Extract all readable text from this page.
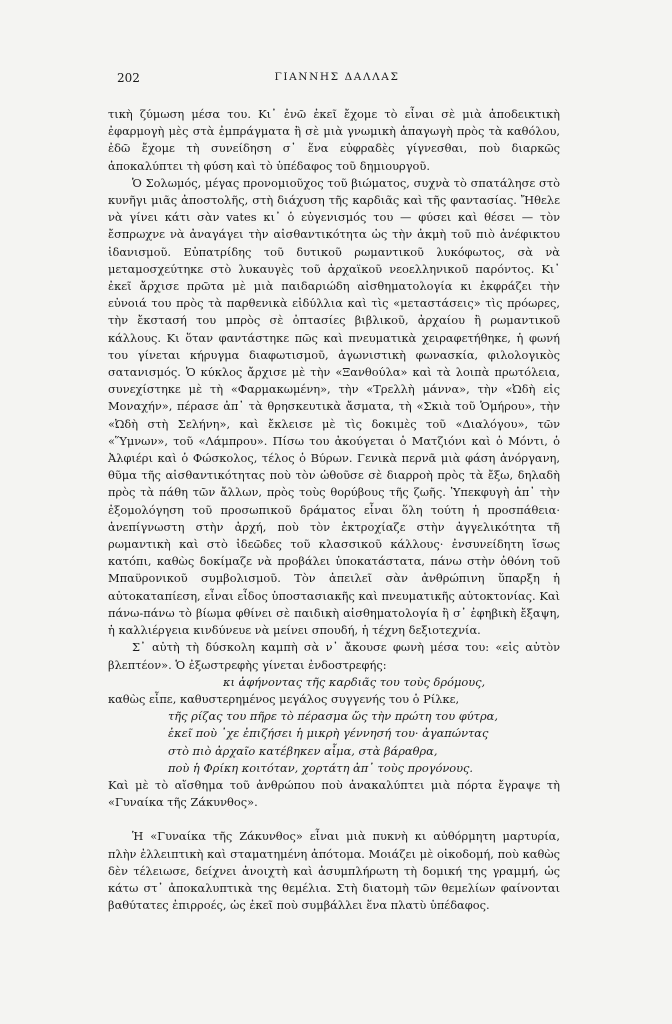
202	ΓΙΑΝΝΗΣ ΔΑΛΛΑΣ

τικὴ ζύμωση μέσα του. Κι᾽ ἐνῶ ἐκεῖ ἔχομε τὸ εἶναι σὲ μιὰ ἀποδεικτικὴ ἐφαρμογὴ μὲς στὰ ἐμπράγματα ἢ σὲ μιὰ γνωμικὴ ἀπαγωγὴ πρὸς τὰ καθόλου, ἐδῶ ἔχομε τὴ συνείδηση σ᾽ ἕνα εὐφραδὲς γίγνεσθαι, ποὺ διαρκῶς ἀποκαλύπτει τὴ φύση καὶ τὸ ὑπέδαφος τοῦ δημιουργοῦ.

Ὁ Σολωμός, μέγας προνομιοῦχος τοῦ βιώματος, συχνὰ τὸ σπατάλησε στὸ κυνῆγι μιᾶς ἀποστολῆς, στὴ διάχυση τῆς καρδιᾶς καὶ τῆς φαντασίας. Ἤθελε νὰ γίνει κάτι σὰν vates κι᾽ ὁ εὐγενισμός του — φύσει καὶ θέσει — τὸν ἔσπρωχνε νὰ ἀναγάγει τὴν αἰσθαντικότητα ὡς τὴν ἀκμὴ τοῦ πιὸ ἀνέφικτου ἰδανισμοῦ. Εὐπατρίδης τοῦ δυτικοῦ ρωμαντικοῦ λυκόφωτος, σὰ νὰ μεταμοσχεύτηκε στὸ λυκαυγὲς τοῦ ἀρχαϊκοῦ νεοελληνικοῦ παρόντος. Κι᾽ ἐκεῖ ἄρχισε πρῶτα μὲ μιὰ παιδαριώδη αἰσθηματολογία κι ἐκφράζει τὴν εὐνοιά του πρὸς τὰ παρθενικὰ εἰδύλλια καὶ τὶς «μεταστάσεις» τὶς πρόωρες, τὴν ἔκστασή του μπρὸς σὲ ὀπτασίες βιβλικοῦ, ἀρχαίου ἢ ρωμαντικοῦ κάλλους. Κι ὅταν φαντάστηκε πῶς καὶ πνευματικὰ χειραφετήθηκε, ἡ φωνή του γίνεται κήρυγμα διαφωτισμοῦ, ἀγωνιστικὴ φωνασκία, φιλολογικὸς σατανισμός. Ὁ κύκλος ἄρχισε μὲ τὴν «Ξανθούλα» καὶ τὰ λοιπὰ πρωτόλεια, συνεχίστηκε μὲ τὴ «Φαρμακωμένη», τὴν «Τρελλὴ μάννα», τὴν «Ὠδὴ εἰς Μοναχήν», πέρασε ἀπ᾽ τὰ θρησκευτικὰ ἄσματα, τὴ «Σκιὰ τοῦ Ὁμήρου», τὴν «Ὠδὴ στὴ Σελήνη», καὶ ἔκλεισε μὲ τὶς δοκιμὲς τοῦ «Διαλόγου», τῶν «Ὕμνων», τοῦ «Λάμπρου». Πίσω του ἀκούγεται ὁ Ματζιόνι καὶ ὁ Μόντι, ὁ Ἀλφιέρι καὶ ὁ Φώσκολος, τέλος ὁ Βύρων. Γενικὰ περνᾶ μιὰ φάση ἀνόργανη, θῦμα τῆς αἰσθαντικότητας ποὺ τὸν ὡθοῦσε σὲ διαρροὴ πρὸς τὰ ἔξω, δηλαδὴ πρὸς τὰ πάθη τῶν ἄλλων, πρὸς τοὺς θορύβους τῆς ζωῆς. Ὑπεκφυγὴ ἀπ᾽ τὴν ἐξομολόγηση τοῦ προσωπικοῦ δράματος εἶναι ὅλη τούτη ἡ προσπάθεια· ἀνεπίγνωστη στὴν ἀρχή, ποὺ τὸν ἐκτροχίαζε στὴν ἀγγελικότητα τῆ ρωμαντικὴ καὶ στὸ ἰδεῶδες τοῦ κλασσικοῦ κάλλους· ἐνσυνείδητη ἴσως κατόπι, καθὼς δοκίμαζε νὰ προβάλει ὑποκατάστατα, πάνω στὴν ὀθόνη τοῦ Μπαϋρονικοῦ συμβολισμοῦ. Τὸν ἀπειλεῖ σὰν ἀνθρώπινη ὕπαρξη ἡ αὐτοκαταπίεση, εἶναι εἶδος ὑποστασιακῆς καὶ πνευματικῆς αὐτοκτονίας. Καὶ πάνω-πάνω τὸ βίωμα φθίνει σὲ παιδικὴ αἰσθηματολογία ἢ σ᾽ ἐφηβικὴ ἔξαψη, ἡ καλλιέργεια κινδύνευε νὰ μείνει σπουδή, ἡ τέχνη δεξιοτεχνία.

Σ᾽ αὐτὴ τὴ δύσκολη καμπὴ σὰ ν᾽ ἄκουσε φωνὴ μέσα του: «εἰς αὐτὸν βλεπτέον». Ὁ ἐξωστρεφὴς γίνεται ἐνδοστρεφής:

κι ἀφήνοντας τῆς καρδιᾶς του τοὺς δρόμους,

καθὼς εἶπε, καθυστερημένος μεγάλος συγγενής του ὁ Ρίλκε,

τῆς ρίζας του πῆρε τὸ πέρασμα ὥς τὴν πρώτη του φύτρα,

ἐκεῖ ποὺ ᾽χε ἐπιζήσει ἡ μικρὴ γέννησή του· ἀγαπώντας

στὸ πιὸ ἀρχαῖο κατέβηκεν αἷμα, στὰ βάραθρα,

ποὺ ἡ Φρίκη κοιτόταν, χορτάτη ἀπ᾽ τοὺς προγόνους.

Καὶ μὲ τὸ αἴσθημα τοῦ ἀνθρώπου ποὺ ἀνακαλύπτει μιὰ πόρτα ἔγραψε τὴ «Γυναίκα τῆς Ζάκυνθος».

Ἡ «Γυναίκα τῆς Ζάκυνθος» εἶναι μιὰ πυκνὴ κι αὐθόρμητη μαρτυρία, πλὴν ἐλλειπτικὴ καὶ σταματημένη ἀπότομα. Μοιάζει μὲ οἰκοδομή, ποὺ καθὼς δὲν τέλειωσε, δείχνει ἀνοιχτὴ καὶ ἀσυμπλήρωτη τὴ δομική της γραμμή, ὡς κάτω στ᾽ ἀποκαλυπτικὰ της θεμέλια. Στὴ διατομὴ τῶν θεμελίων φαίνονται βαθύτατες ἐπιρροές, ὡς ἐκεῖ ποὺ συμβάλλει ἕνα πλατὺ ὑπέδαφος.
